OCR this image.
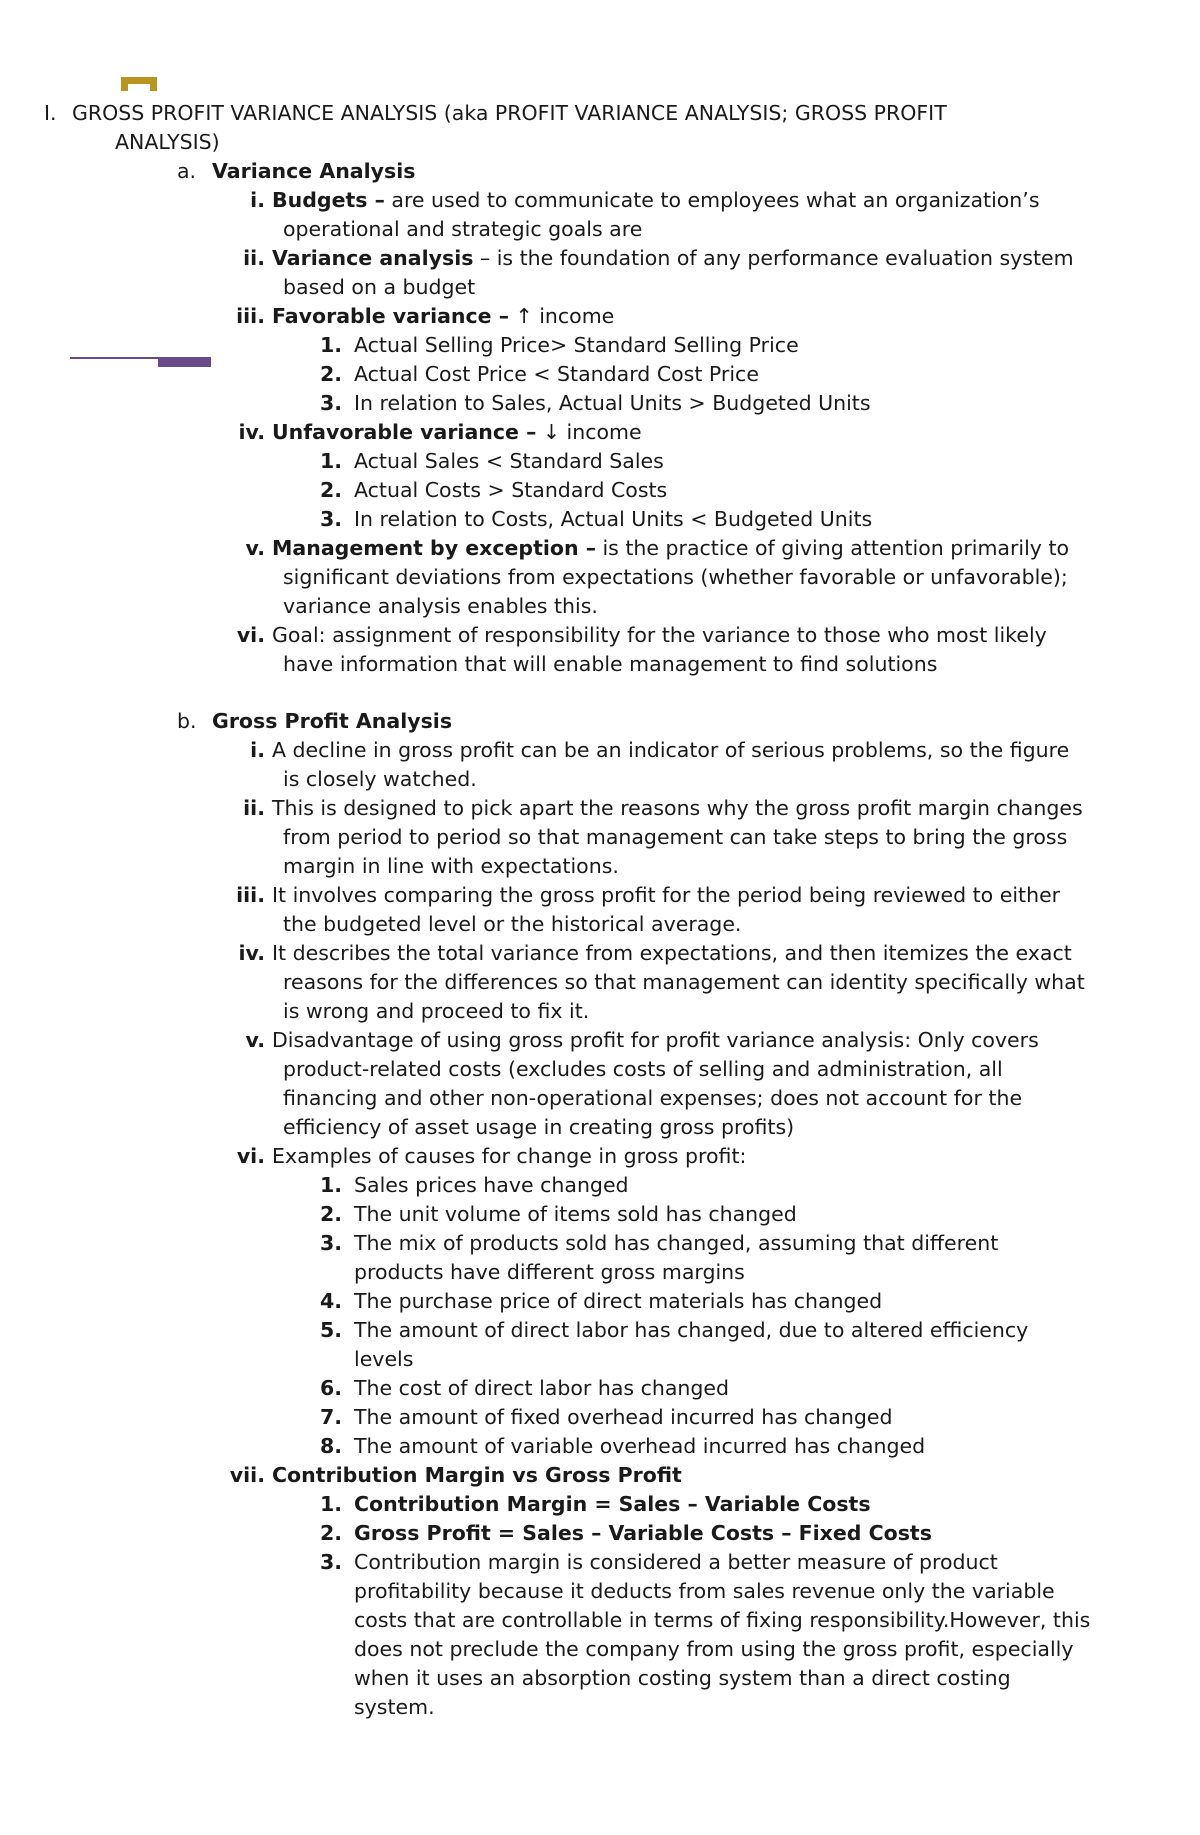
I. GROSS PROFIT VARIANCE ANALYSIS (aka PROFIT VARIANCE ANALYSIS; GROSS PROFIT
ANALYSIS)
a. Variance Analysis
i. Budgets – are used to communicate to employees what an organization’s
operational and strategic goals are
ii. Variance analysis – is the foundation of any performance evaluation system
based on a budget
iii. Favorable variance – ↑ income
1. Actual Selling Price> Standard Selling Price
2. Actual Cost Price < Standard Cost Price
3. In relation to Sales, Actual Units > Budgeted Units
iv. Unfavorable variance – ↓ income
1. Actual Sales < Standard Sales
2. Actual Costs > Standard Costs
3. In relation to Costs, Actual Units < Budgeted Units
v. Management by exception – is the practice of giving attention primarily to
significant deviations from expectations (whether favorable or unfavorable);
variance analysis enables this.
vi. Goal: assignment of responsibility for the variance to those who most likely
have information that will enable management to find solutions
b. Gross Profit Analysis
i. A decline in gross profit can be an indicator of serious problems, so the figure
is closely watched.
ii. This is designed to pick apart the reasons why the gross profit margin changes
from period to period so that management can take steps to bring the gross
margin in line with expectations.
iii. It involves comparing the gross profit for the period being reviewed to either
the budgeted level or the historical average.
iv. It describes the total variance from expectations, and then itemizes the exact
reasons for the differences so that management can identity specifically what
is wrong and proceed to fix it.
v. Disadvantage of using gross profit for profit variance analysis: Only covers
product-related costs (excludes costs of selling and administration, all
financing and other non-operational expenses; does not account for the
efficiency of asset usage in creating gross profits)
vi. Examples of causes for change in gross profit:
1. Sales prices have changed
2. The unit volume of items sold has changed
3. The mix of products sold has changed, assuming that different
products have different gross margins
4. The purchase price of direct materials has changed
5. The amount of direct labor has changed, due to altered efficiency
levels
6. The cost of direct labor has changed
7. The amount of fixed overhead incurred has changed
8. The amount of variable overhead incurred has changed
vii. Contribution Margin vs Gross Profit
1. Contribution Margin = Sales – Variable Costs
2. Gross Profit = Sales – Variable Costs – Fixed Costs
3. Contribution margin is considered a better measure of product
profitability because it deducts from sales revenue only the variable
costs that are controllable in terms of fixing responsibility.However, this
does not preclude the company from using the gross profit, especially
when it uses an absorption costing system than a direct costing
system.
